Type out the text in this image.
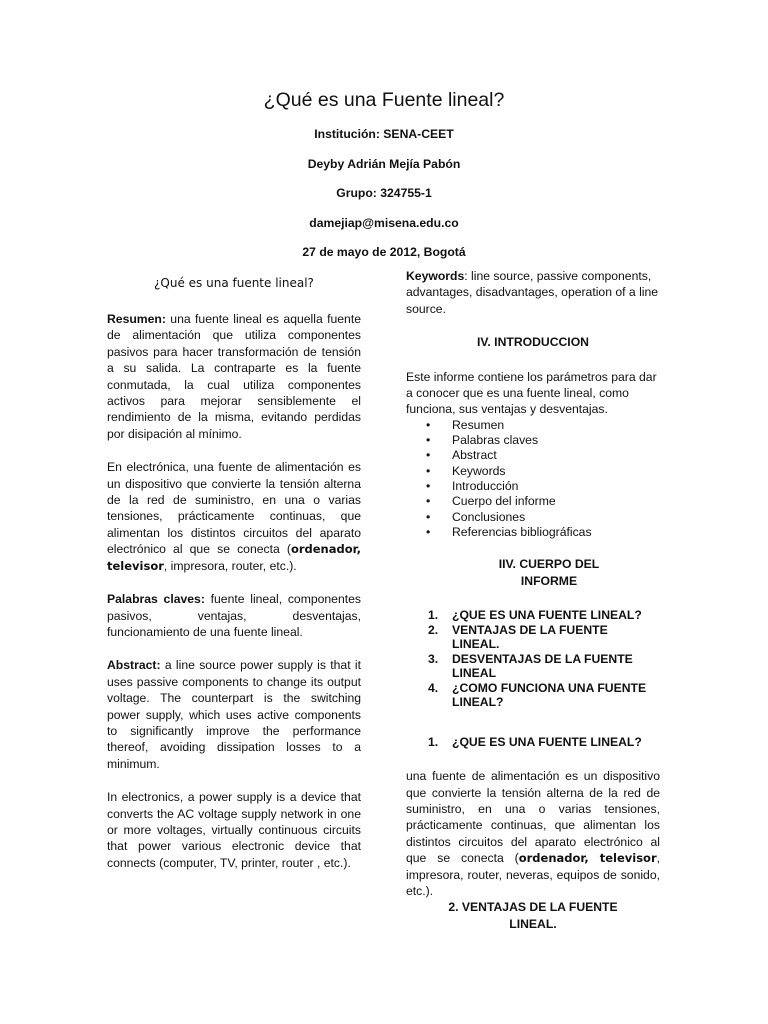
¿Qué es una Fuente lineal?
Institución: SENA-CEET
Deyby Adrián Mejía Pabón
Grupo: 324755-1
damejiap@misena.edu.co
27 de mayo de 2012, Bogotá
¿Qué es una fuente lineal?

Resumen: una fuente lineal es aquella fuente de alimentación que utiliza componentes pasivos para hacer transformación de tensión a su salida. La contraparte es la fuente conmutada, la cual utiliza componentes activos para mejorar sensiblemente el rendimiento de la misma, evitando perdidas por disipación al mínimo.

En electrónica, una fuente de alimentación es un dispositivo que convierte la tensión alterna de la red de suministro, en una o varias tensiones, prácticamente continuas, que alimentan los distintos circuitos del aparato electrónico al que se conecta (ordenador, televisor, impresora, router, etc.).

Palabras claves: fuente lineal, componentes pasivos, ventajas, desventajas, funcionamiento de una fuente lineal.

Abstract: a line source power supply is that it uses passive components to change its output voltage. The counterpart is the switching power supply, which uses active components to significantly improve the performance thereof, avoiding dissipation losses to a minimum.

In electronics, a power supply is a device that converts the AC voltage supply network in one or more voltages, virtually continuous circuits that power various electronic device that connects (computer, TV, printer, router , etc.).

Keywords: line source, passive components, advantages, disadvantages, operation of a line source.

IV. INTRODUCCION

Este informe contiene los parámetros para dar a conocer que es una fuente lineal, como funciona, sus ventajas y desventajas.

• Resumen
• Palabras claves
• Abstract
• Keywords
• Introducción
• Cuerpo del informe
• Conclusiones
• Referencias bibliográficas
IIV. CUERPO DEL
INFORME
1. ¿QUE ES UNA FUENTE LINEAL?
2. VENTAJAS DE LA FUENTE
LINEAL.
3. DESVENTAJAS DE LA FUENTE
LINEAL
4. ¿COMO FUNCIONA UNA FUENTE
LINEAL?
1. ¿QUE ES UNA FUENTE LINEAL?

una fuente de alimentación es un dispositivo que convierte la tensión alterna de la red de suministro, en una o varias tensiones, prácticamente continuas, que alimentan los distintos circuitos del aparato electrónico al que se conecta (ordenador, televisor, impresora, router, neveras, equipos de sonido, etc.).

2. VENTAJAS DE LA FUENTE
LINEAL.
